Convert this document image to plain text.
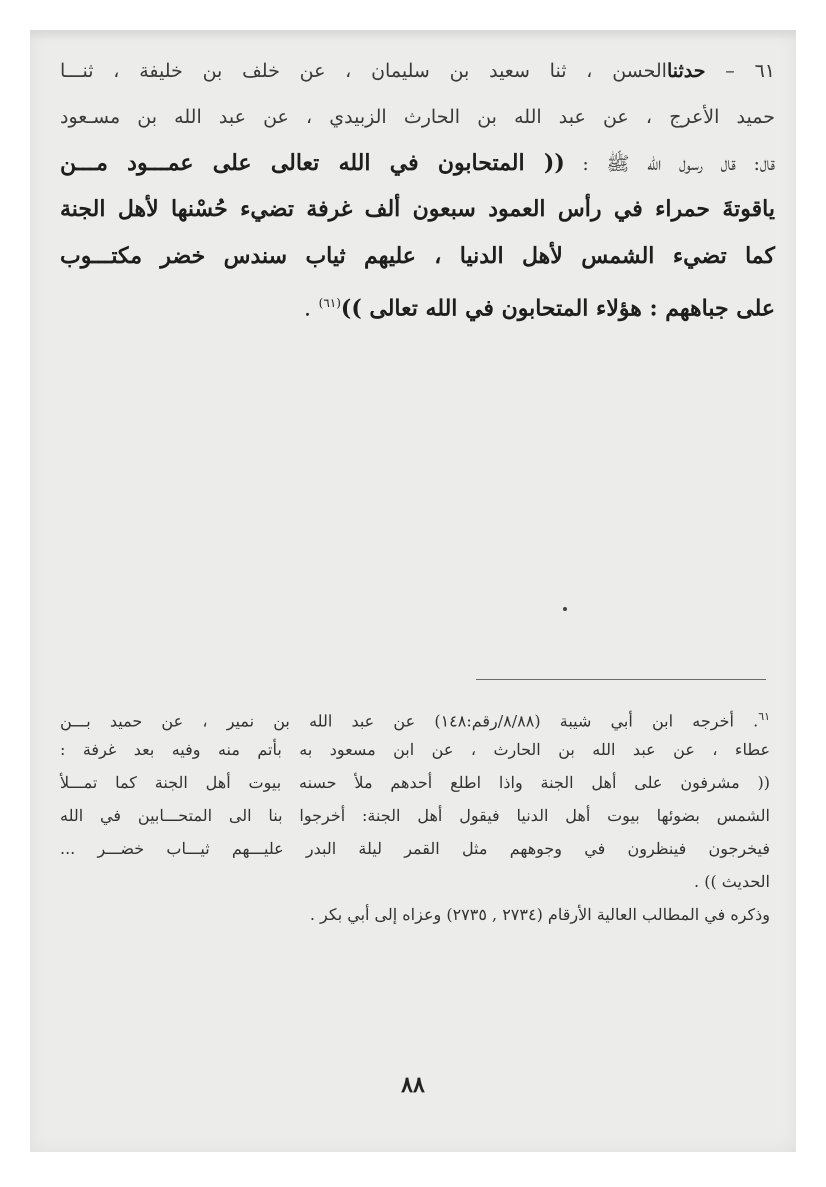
٦١ – حدثناالحسن ، ثنا سعيد بن سليمان ، عن خلف بن خليفة ، ثنـــا
حميد الأعرج ، عن عبد الله بن الحارث الزبيدي ، عن عبد الله بن مسـعود
قال: قال رسول الله ﷺ : (( المتحابون في الله تعالى على عمـــود مـــن
ياقوتةَ حمراء في رأس العمود سبعون ألف غرفة تضيء حُسْنها لأهل الجنة
كما تضيء الشمس لأهل الدنيا ، عليهم ثياب سندس خضر مكتـــوب
على جباههم : هؤلاء المتحابون في الله تعالى ))$^{(٦١)}$ .
$^{٦١}$. أخرجه ابن أبي شيبة (٨/٨٨/رقم:١٤٨) عن عبد الله بن نمير ، عن حميد بـــن
عطاء ، عن عبد الله بن الحارث ، عن ابن مسعود به بأتم منه وفيه بعد غرفة :
(( مشرفون على أهل الجنة واذا اطلع أحدهم ملأ حسنه بيوت أهل الجنة كما تمـــلأ
الشمس بضوئها بيوت أهل الدنيا فيقول أهل الجنة: أخرجوا بنا الى المتحـــابين في الله
فيخرجون فينظرون في وجوههم مثل القمر ليلة البدر عليـــهم ثيـــاب خضـــر ...
الحديث )) .
وذكره في المطالب العالية الأرقام (٢٧٣٤ , ٢٧٣٥) وعزاه إلى أبي بكر .
٨٨
